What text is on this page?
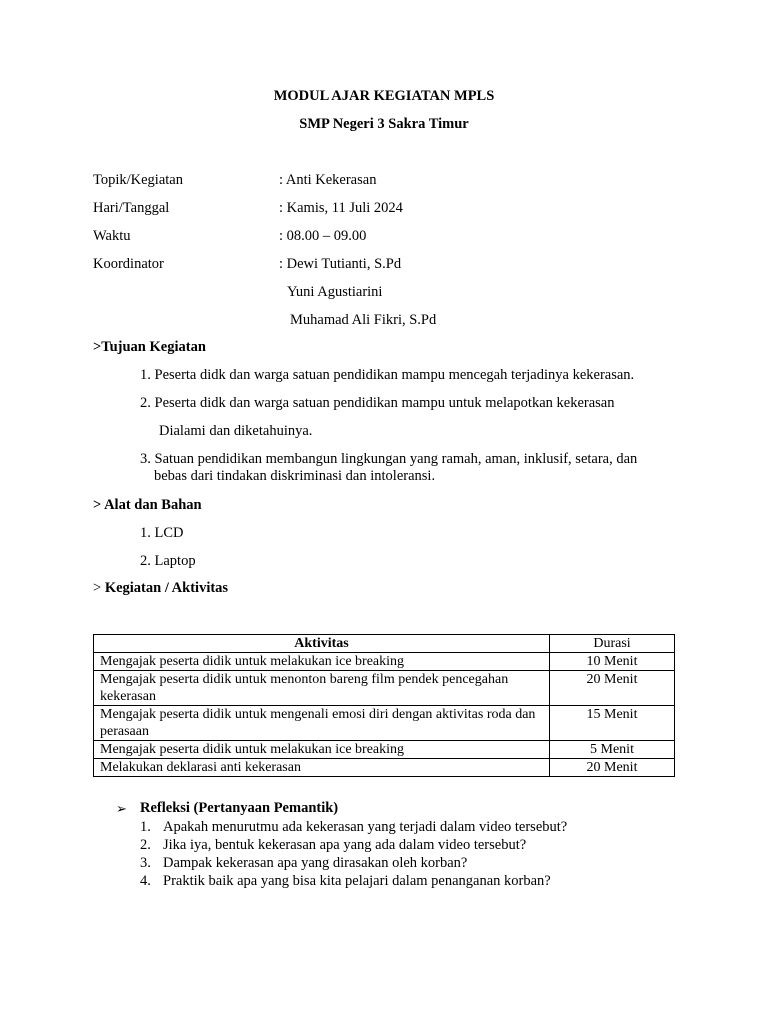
MODUL AJAR KEGIATAN MPLS
SMP Negeri 3 Sakra Timur
Topik/Kegiatan	: Anti Kekerasan
Hari/Tanggal	: Kamis, 11 Juli 2024
Waktu	: 08.00 – 09.00
Koordinator	: Dewi Tutianti, S.Pd
Yuni Agustiarini
Muhamad Ali Fikri, S.Pd
>Tujuan Kegiatan
1. Peserta didk dan warga satuan pendidikan mampu mencegah terjadinya kekerasan.
2. Peserta didk dan warga satuan pendidikan mampu untuk melapotkan kekerasan
Dialami dan diketahuinya.
3. Satuan pendidikan membangun lingkungan yang ramah, aman, inklusif, setara, dan
bebas dari tindakan diskriminasi dan intoleransi.
> Alat dan Bahan
1. LCD
2. Laptop
> Kegiatan / Aktivitas
Aktivitas	Durasi
Mengajak peserta didik untuk melakukan ice breaking	10 Menit
Mengajak peserta didik untuk menonton bareng film pendek pencegahan kekerasan	20 Menit
Mengajak peserta didik untuk mengenali emosi diri dengan aktivitas roda dan perasaan	15 Menit
Mengajak peserta didik untuk melakukan ice breaking	5 Menit
Melakukan deklarasi anti kekerasan	20 Menit
➢ Refleksi (Pertanyaan Pemantik)
1. Apakah menurutmu ada kekerasan yang terjadi dalam video tersebut?
2. Jika iya, bentuk kekerasan apa yang ada dalam video tersebut?
3. Dampak kekerasan apa yang dirasakan oleh korban?
4. Praktik baik apa yang bisa kita pelajari dalam penanganan korban?
